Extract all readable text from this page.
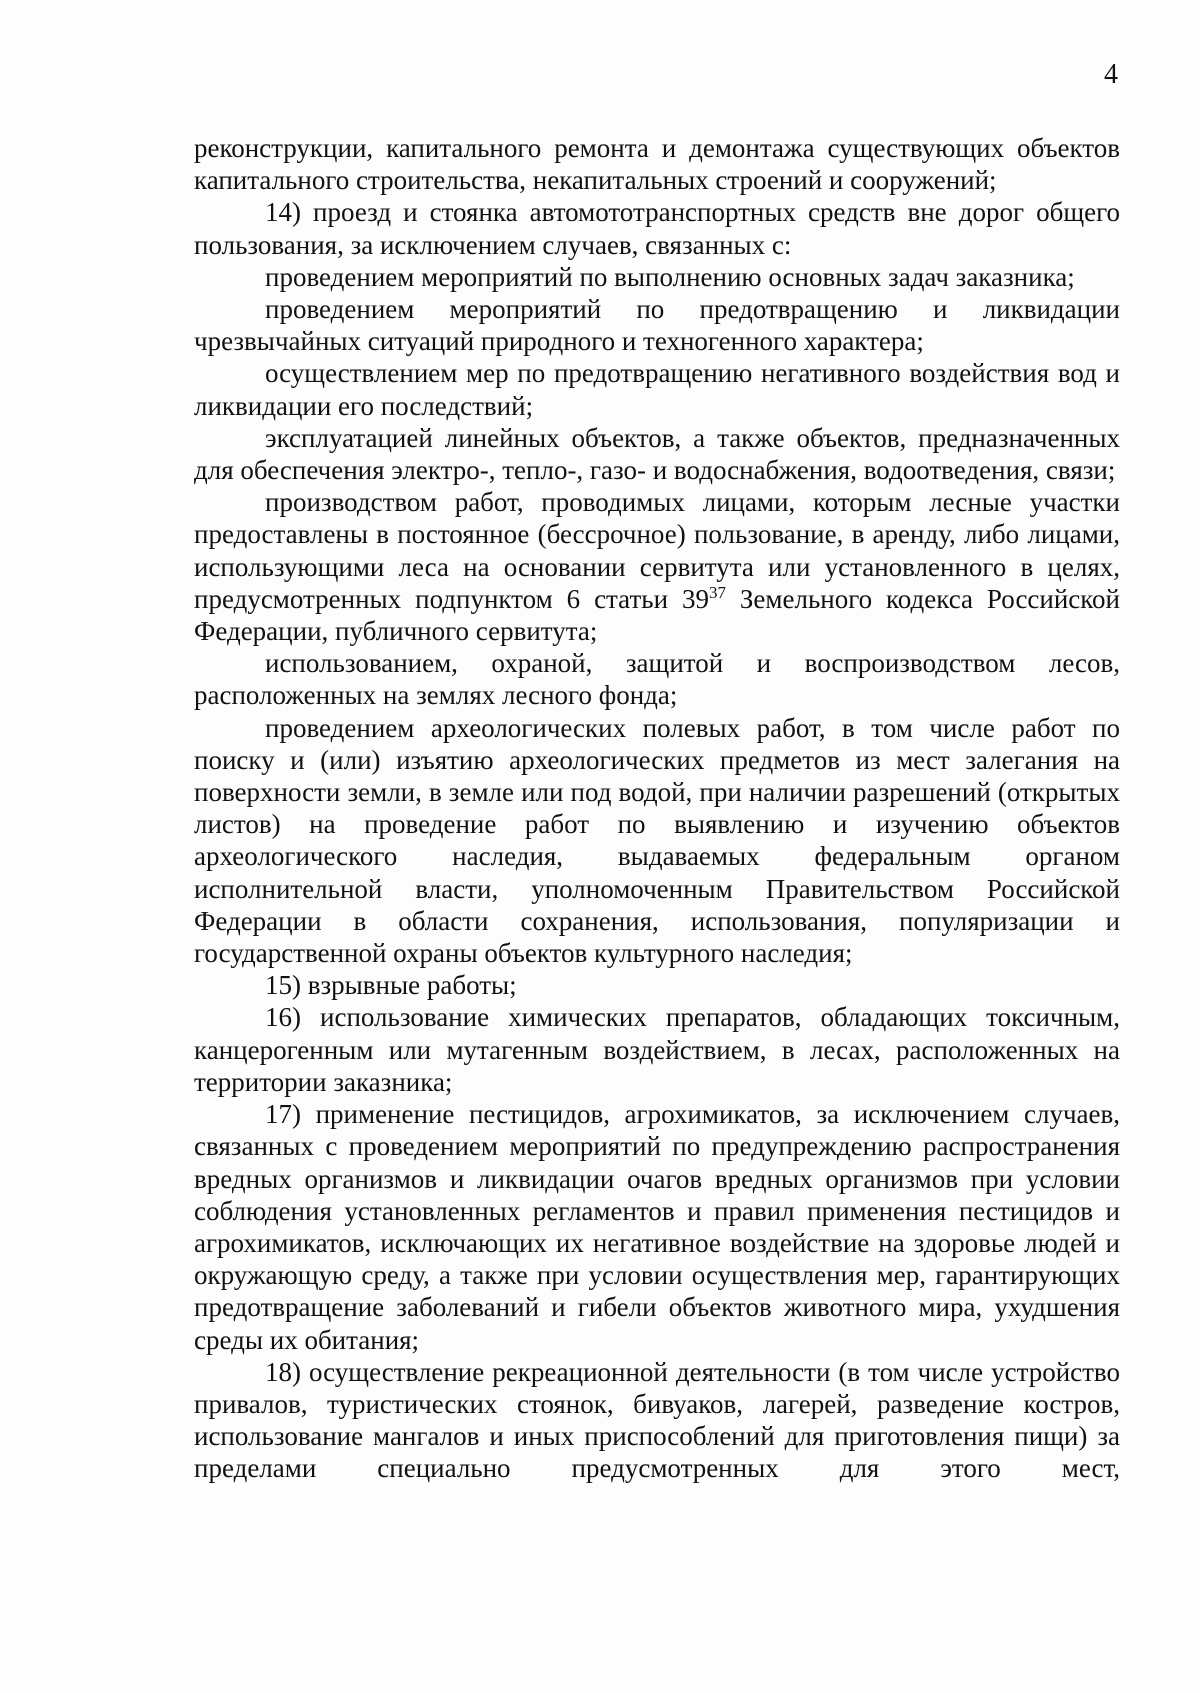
4

реконструкции, капитального ремонта и демонтажа существующих объектов капитального строительства, некапитальных строений и сооружений;

14) проезд и стоянка автомототранспортных средств вне дорог общего пользования, за исключением случаев, связанных с:

проведением мероприятий по выполнению основных задач заказника;

проведением мероприятий по предотвращению и ликвидации чрезвычайных ситуаций природного и техногенного характера;

осуществлением мер по предотвращению негативного воздействия вод и ликвидации его последствий;

эксплуатацией линейных объектов, а также объектов, предназначенных для обеспечения электро-, тепло-, газо- и водоснабжения, водоотведения, связи;

производством работ, проводимых лицами, которым лесные участки предоставлены в постоянное (бессрочное) пользование, в аренду, либо лицами, использующими леса на основании сервитута или установленного в целях, предусмотренных подпунктом 6 статьи $39^{37}$ Земельного кодекса Российской Федерации, публичного сервитута;

использованием, охраной, защитой и воспроизводством лесов, расположенных на землях лесного фонда;

проведением археологических полевых работ, в том числе работ по поиску и (или) изъятию археологических предметов из мест залегания на поверхности земли, в земле или под водой, при наличии разрешений (открытых листов) на проведение работ по выявлению и изучению объектов археологического наследия, выдаваемых федеральным органом исполнительной власти, уполномоченным Правительством Российской Федерации в области сохранения, использования, популяризации и государственной охраны объектов культурного наследия;

15) взрывные работы;

16) использование химических препаратов, обладающих токсичным, канцерогенным или мутагенным воздействием, в лесах, расположенных на территории заказника;

17) применение пестицидов, агрохимикатов, за исключением случаев, связанных с проведением мероприятий по предупреждению распространения вредных организмов и ликвидации очагов вредных организмов при условии соблюдения установленных регламентов и правил применения пестицидов и агрохимикатов, исключающих их негативное воздействие на здоровье людей и окружающую среду, а также при условии осуществления мер, гарантирующих предотвращение заболеваний и гибели объектов животного мира, ухудшения среды их обитания;

18) осуществление рекреационной деятельности (в том числе устройство привалов, туристических стоянок, бивуаков, лагерей, разведение костров, использование мангалов и иных приспособлений для приготовления пищи) за пределами специально предусмотренных для этого мест,
